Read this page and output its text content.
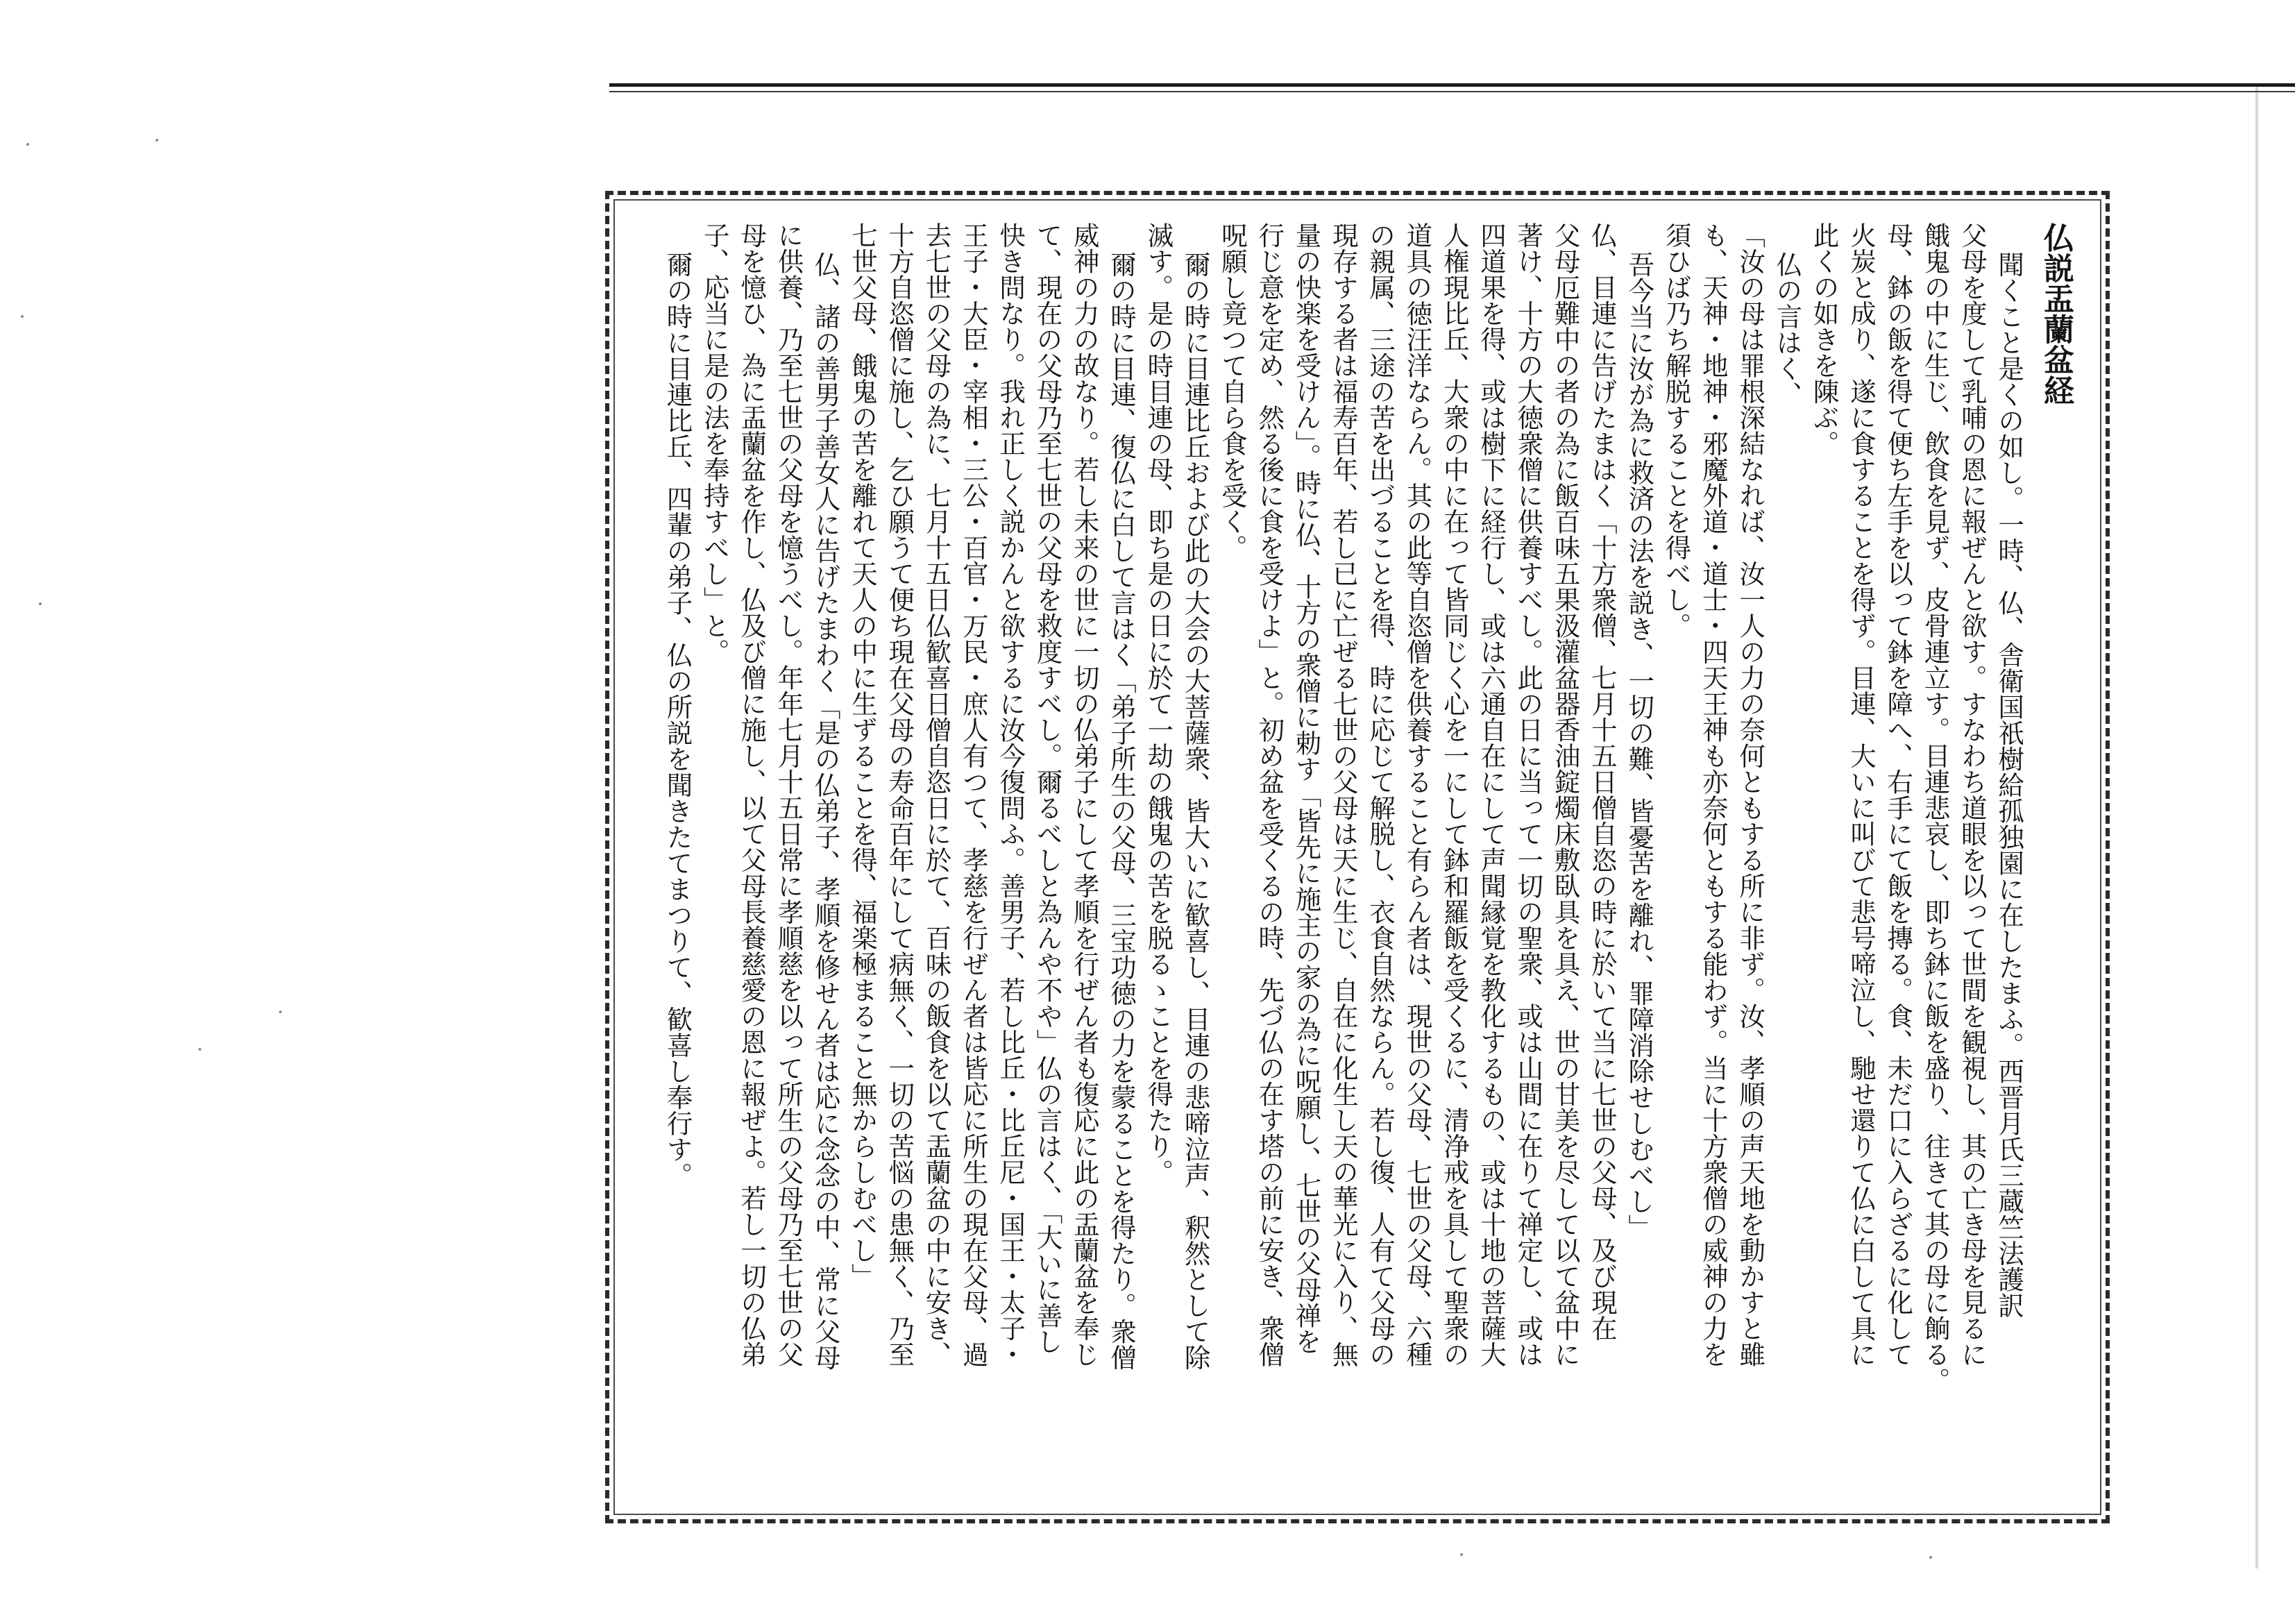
仏説盂蘭盆経
聞くこと是くの如し。一時、仏、舎衛国祇樹給孤独園に在したまふ。西晋月氏三蔵竺法護訳
父母を度して乳哺の恩に報ぜんと欲す。すなわち道眼を以って世間を観視し、其の亡き母を見るに
餓鬼の中に生じ、飲食を見ず、皮骨連立す。目連悲哀し、即ち鉢に飯を盛り、往きて其の母に餉る。
母、鉢の飯を得て便ち左手を以って鉢を障へ、右手にて飯を摶る。食、未だ口に入らざるに化して
火炭と成り、遂に食することを得ず。目連、大いに叫びて悲号啼泣し、馳せ還りて仏に白して具に
此くの如きを陳ぶ。
仏の言はく、
「汝の母は罪根深結なれば、汝一人の力の奈何ともする所に非ず。汝、孝順の声天地を動かすと雖
も、天神・地神・邪魔外道・道士・四天王神も亦奈何ともする能わず。当に十方衆僧の威神の力を
須ひば乃ち解脱することを得べし。
吾今当に汝が為に救済の法を説き、一切の難、皆憂苦を離れ、罪障消除せしむべし」
仏、目連に告げたまはく「十方衆僧、七月十五日僧自恣の時に於いて当に七世の父母、及び現在
父母厄難中の者の為に飯百味五果汲灌盆器香油錠燭床敷臥具を具え、世の甘美を尽して以て盆中に
著け、十方の大徳衆僧に供養すべし。此の日に当って一切の聖衆、或は山間に在りて禅定し、或は
四道果を得、或は樹下に経行し、或は六通自在にして声聞縁覚を教化するもの、或は十地の菩薩大
人権現比丘、大衆の中に在って皆同じく心を一にして鉢和羅飯を受くるに、清浄戒を具して聖衆の
道具の徳汪洋ならん。其の此等自恣僧を供養すること有らん者は、現世の父母、七世の父母、六種
の親属、三途の苦を出づることを得、時に応じて解脱し、衣食自然ならん。若し復、人有て父母の
現存する者は福寿百年、若し已に亡ぜる七世の父母は天に生じ、自在に化生し天の華光に入り、無
量の快楽を受けん」。時に仏、十方の衆僧に勅す「皆先に施主の家の為に呪願し、七世の父母禅を
行じ意を定め、然る後に食を受けよ」と。初め盆を受くるの時、先づ仏の在す塔の前に安き、衆僧
呪願し竟つて自ら食を受く。
爾の時に目連比丘および此の大会の大菩薩衆、皆大いに歓喜し、目連の悲啼泣声、釈然として除
滅す。是の時目連の母、即ち是の日に於て一劫の餓鬼の苦を脱るゝことを得たり。
爾の時に目連、復仏に白して言はく「弟子所生の父母、三宝功徳の力を蒙ることを得たり。衆僧
威神の力の故なり。若し未来の世に一切の仏弟子にして孝順を行ぜん者も復応に此の盂蘭盆を奉じ
て、現在の父母乃至七世の父母を救度すべし。爾るべしと為んや不や」仏の言はく、「大いに善し
快き問なり。我れ正しく説かんと欲するに汝今復問ふ。善男子、若し比丘・比丘尼・国王・太子・
王子・大臣・宰相・三公・百官・万民・庶人有つて、孝慈を行ぜん者は皆応に所生の現在父母、過
去七世の父母の為に、七月十五日仏歓喜日僧自恣日に於て、百味の飯食を以て盂蘭盆の中に安き、
十方自恣僧に施し、乞ひ願うて便ち現在父母の寿命百年にして病無く、一切の苦悩の患無く、乃至
七世父母、餓鬼の苦を離れて天人の中に生ずることを得、福楽極まること無からしむべし」
仏、諸の善男子善女人に告げたまわく「是の仏弟子、孝順を修せん者は応に念念の中、常に父母
に供養、乃至七世の父母を憶うべし。年年七月十五日常に孝順慈を以って所生の父母乃至七世の父
母を憶ひ、為に盂蘭盆を作し、仏及び僧に施し、以て父母長養慈愛の恩に報ぜよ。若し一切の仏弟
子、応当に是の法を奉持すべし」と。
爾の時に目連比丘、四輩の弟子、仏の所説を聞きたてまつりて、歓喜し奉行す。
